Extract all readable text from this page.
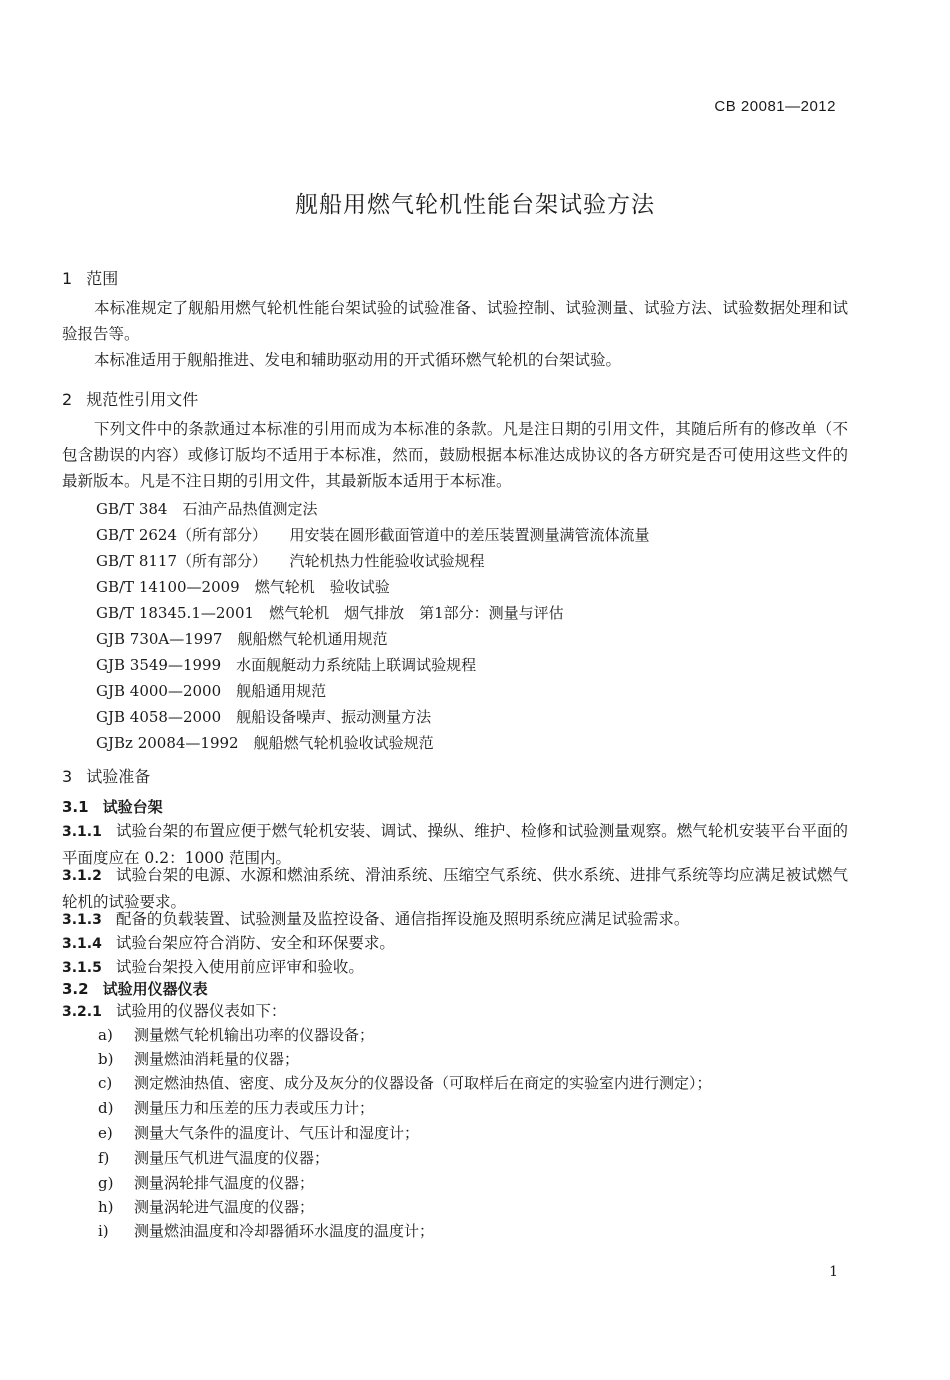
CB 20081—2012
舰船用燃气轮机性能台架试验方法
1 范围
本标准规定了舰船用燃气轮机性能台架试验的试验准备、试验控制、试验测量、试验方法、试验数据处理和试验报告等。
本标准适用于舰船推进、发电和辅助驱动用的开式循环燃气轮机的台架试验。
2 规范性引用文件
下列文件中的条款通过本标准的引用而成为本标准的条款。凡是注日期的引用文件，其随后所有的修改单（不包含勘误的内容）或修订版均不适用于本标准，然而，鼓励根据本标准达成协议的各方研究是否可使用这些文件的最新版本。凡是不注日期的引用文件，其最新版本适用于本标准。
GB/T 384　 石油产品热值测定法
GB/T 2624（所有部分）　　 用安装在圆形截面管道中的差压装置测量满管流体流量
GB/T 8117（所有部分）　　 汽轮机热力性能验收试验规程
GB/T 14100—2009　 燃气轮机　验收试验
GB/T 18345.1—2001　 燃气轮机　烟气排放　第1部分：测量与评估
GJB 730A—1997　 舰船燃气轮机通用规范
GJB 3549—1999　 水面舰艇动力系统陆上联调试验规程
GJB 4000—2000　 舰船通用规范
GJB 4058—2000　 舰船设备噪声、振动测量方法
GJBz 20084—1992　 舰船燃气轮机验收试验规范
3 试验准备
3.1 试验台架
3.1.1 试验台架的布置应便于燃气轮机安装、调试、操纵、维护、检修和试验测量观察。燃气轮机安装平台平面的平面度应在 0.2：1000 范围内。
3.1.2 试验台架的电源、水源和燃油系统、滑油系统、压缩空气系统、供水系统、进排气系统等均应满足被试燃气轮机的试验要求。
3.1.3 配备的负载装置、试验测量及监控设备、通信指挥设施及照明系统应满足试验需求。
3.1.4 试验台架应符合消防、安全和环保要求。
3.1.5 试验台架投入使用前应评审和验收。
3.2 试验用仪器仪表
3.2.1 试验用的仪器仪表如下：
a) 测量燃气轮机输出功率的仪器设备；
b) 测量燃油消耗量的仪器；
c) 测定燃油热值、密度、成分及灰分的仪器设备（可取样后在商定的实验室内进行测定）；
d) 测量压力和压差的压力表或压力计；
e) 测量大气条件的温度计、气压计和湿度计；
f) 测量压气机进气温度的仪器；
g) 测量涡轮排气温度的仪器；
h) 测量涡轮进气温度的仪器；
i) 测量燃油温度和冷却器循环水温度的温度计；
1
